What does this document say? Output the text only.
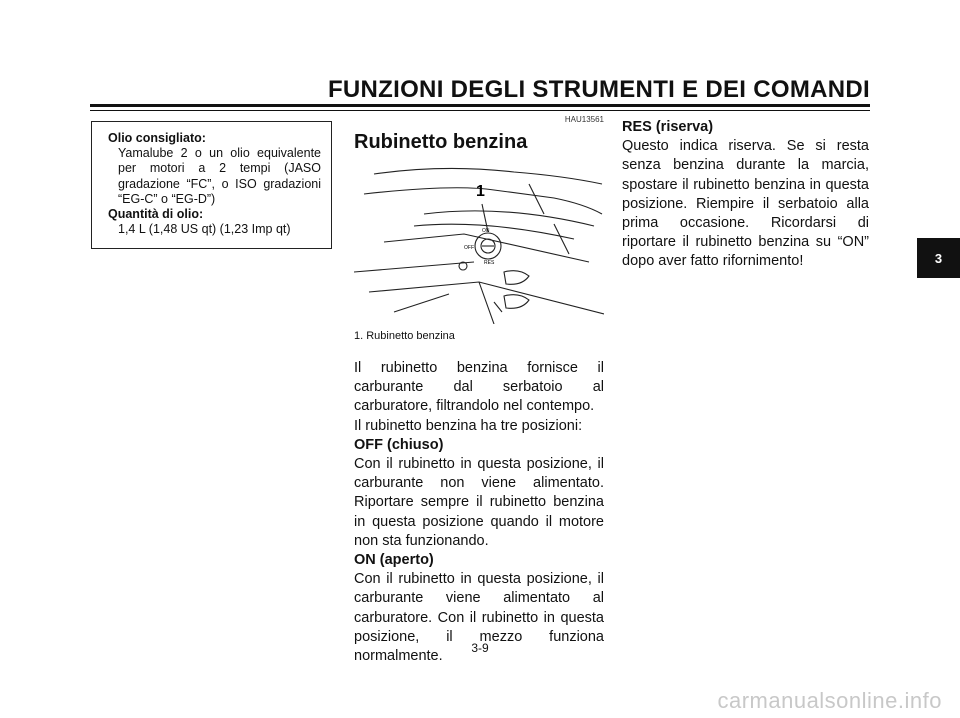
FUNZIONI DEGLI STRUMENTI E DEI COMANDI
Olio consigliato:
Yamalube 2 o un olio equivalente per motori a 2 tempi (JASO gradazione “FC”, o ISO gradazioni “EG-C” o “EG-D”)
Quantità di olio:
1,4 L (1,48 US qt) (1,23 Imp qt)
HAU13561
Rubinetto benzina
1
ON
OFF
RES
1. Rubinetto benzina

Il rubinetto benzina fornisce il carburante dal serbatoio al carburatore, filtrandolo nel contempo.

Il rubinetto benzina ha tre posizioni:

OFF (chiuso)

Con il rubinetto in questa posizione, il carburante non viene alimentato. Riportare sempre il rubinetto benzina in questa posizione quando il motore non sta funzionando.

ON (aperto)

Con il rubinetto in questa posizione, il carburante viene alimentato al carburatore. Con il rubinetto in questa posizione, il mezzo funziona normalmente.

RES (riserva)

Questo indica riserva. Se si resta senza benzina durante la marcia, spostare il rubinetto benzina in questa posizione. Riempire il serbatoio alla prima occasione. Ricordarsi di riportare il rubinetto benzina su “ON” dopo aver fatto rifornimento!	3
3-9
carmanualsonline.info
